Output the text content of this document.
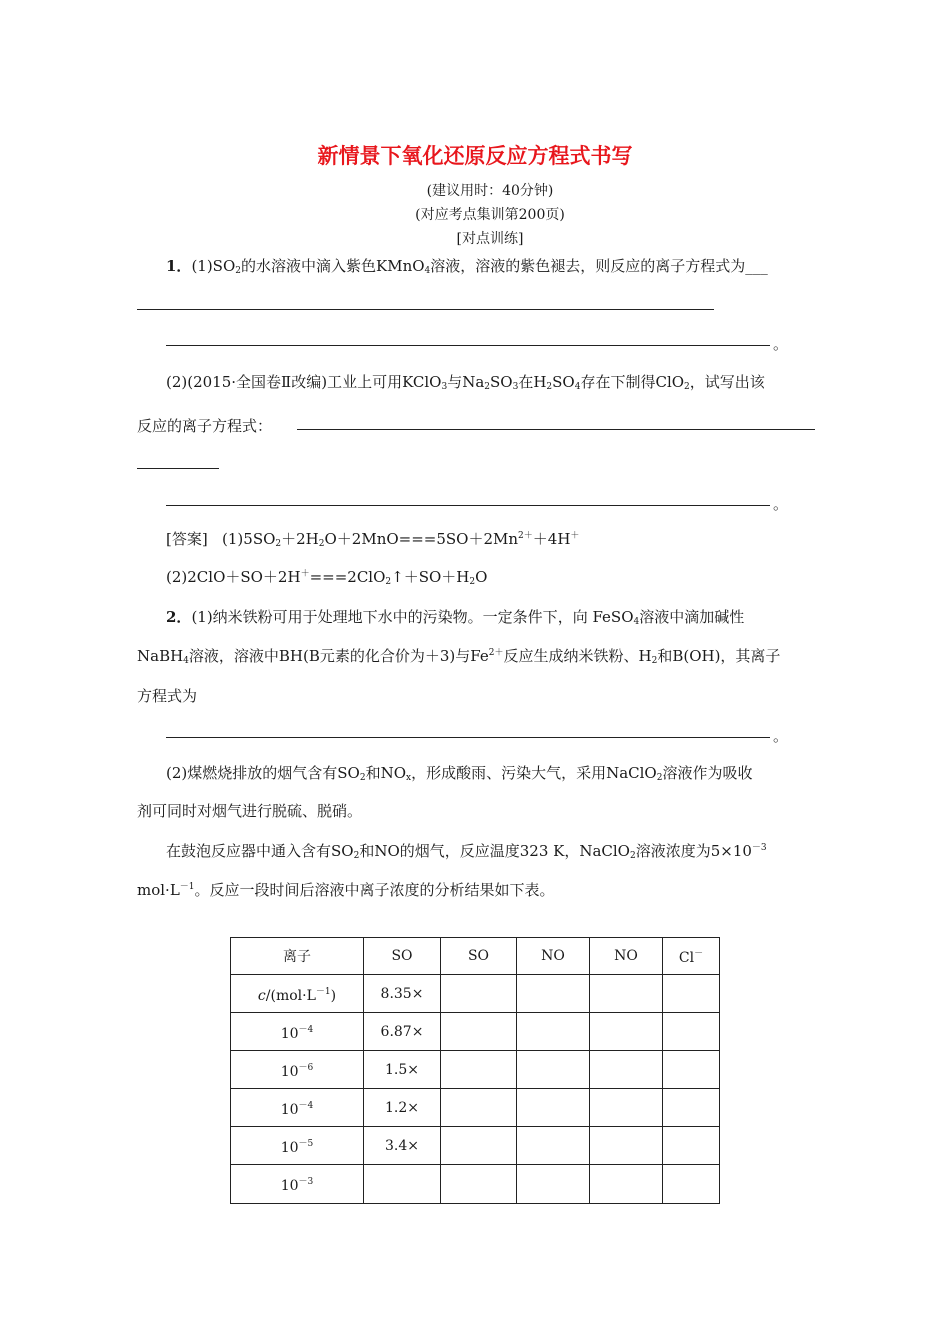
新情景下氧化还原反应方程式书写
(建议用时：40分钟)
(对应考点集训第200页)
[对点训练]
1．$(1)SO_2$的水溶液中滴入紫色KMnO$_4$溶液，溶液的紫色褪去，则反应的离子方程式为___
。
(2)(2015·全国卷Ⅱ改编)工业上可用KClO$_3$与$Na_2SO_3$在$H_2SO_4$存在下制得ClO$_2$，试写出该
反应的离子方程式：
。
[答案] $(1)5SO_2+2H_2O+2MnO===5SO+2Mn^{2+}+4H^+$
$(2)2ClO+SO+2H^+===2ClO_2↑+SO+H_2O$
2．(1)纳米铁粉可用于处理地下水中的污染物。一定条件下，向 FeSO$_4$溶液中滴加碱性
NaBH$_4$溶液，溶液中BH(B元素的化合价为＋3)与$Fe^{2+}$反应生成纳米铁粉、$H_2$和B(OH)，其离子
方程式为
。
(2)煤燃烧排放的烟气含有$SO_2$和$NO_x$，形成酸雨、污染大气，采用NaClO$_2$溶液作为吸收
剂可同时对烟气进行脱硫、脱硝。
在鼓泡反应器中通入含有$SO_2$和NO的烟气，反应温度323 K，NaClO$_2$溶液浓度为$5\times 10^{-3}$
$mol\cdot L^{-1}$。反应一段时间后溶液中离子浓度的分析结果如下表。
离子	SO	SO	NO	NO	Cl－
$c/(mol\cdot L^{-1})$	8.35×				
$10^{-4}$	6.87×				
$10^{-6}$	1.5×				
$10^{-4}$	1.2×				
$10^{-5}$	3.4×				
$10^{-3}$					
